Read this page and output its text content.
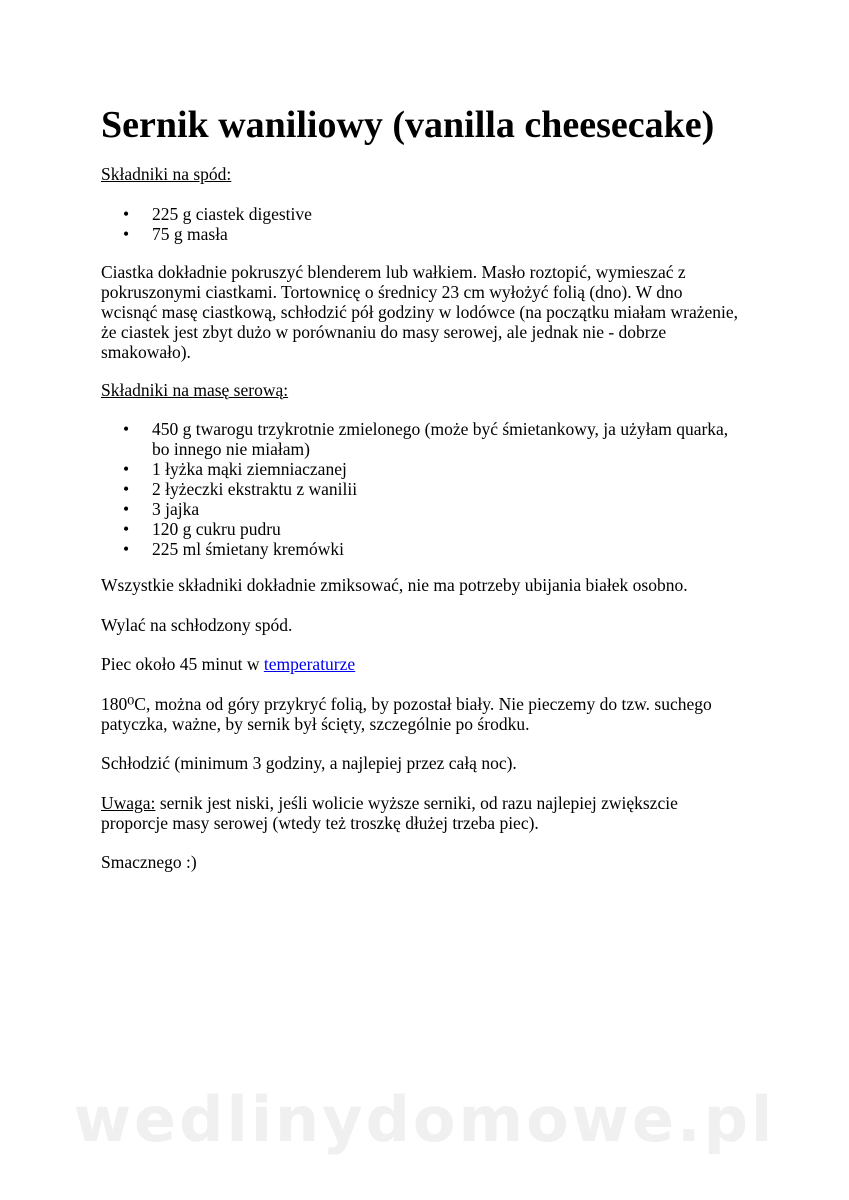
Sernik waniliowy (vanilla cheesecake)

Składniki na spód:

• 225 g ciastek digestive
• 75 g masła

Ciastka dokładnie pokruszyć blenderem lub wałkiem. Masło roztopić, wymieszać z pokruszonymi ciastkami. Tortownicę o średnicy 23 cm wyłożyć folią (dno). W dno wcisnąć masę ciastkową, schłodzić pół godziny w lodówce (na początku miałam wrażenie, że ciastek jest zbyt dużo w porównaniu do masy serowej, ale jednak nie - dobrze smakowało).

Składniki na masę serową:

• 450 g twarogu trzykrotnie zmielonego (może być śmietankowy, ja użyłam quarka, bo innego nie miałam)
• 1 łyżka mąki ziemniaczanej
• 2 łyżeczki ekstraktu z wanilii
• 3 jajka
• 120 g cukru pudru
• 225 ml śmietany kremówki

Wszystkie składniki dokładnie zmiksować, nie ma potrzeby ubijania białek osobno.

Wylać na schłodzony spód.

Piec około 45 minut w temperaturze

180⁰C, można od góry przykryć folią, by pozostał biały. Nie pieczemy do tzw. suchego patyczka, ważne, by sernik był ścięty, szczególnie po środku.

Schłodzić (minimum 3 godziny, a najlepiej przez całą noc).

Uwaga: sernik jest niski, jeśli wolicie wyższe serniki, od razu najlepiej zwiększcie proporcje masy serowej (wtedy też troszkę dłużej trzeba piec).

Smacznego :)

wedlinydomowe.pl
